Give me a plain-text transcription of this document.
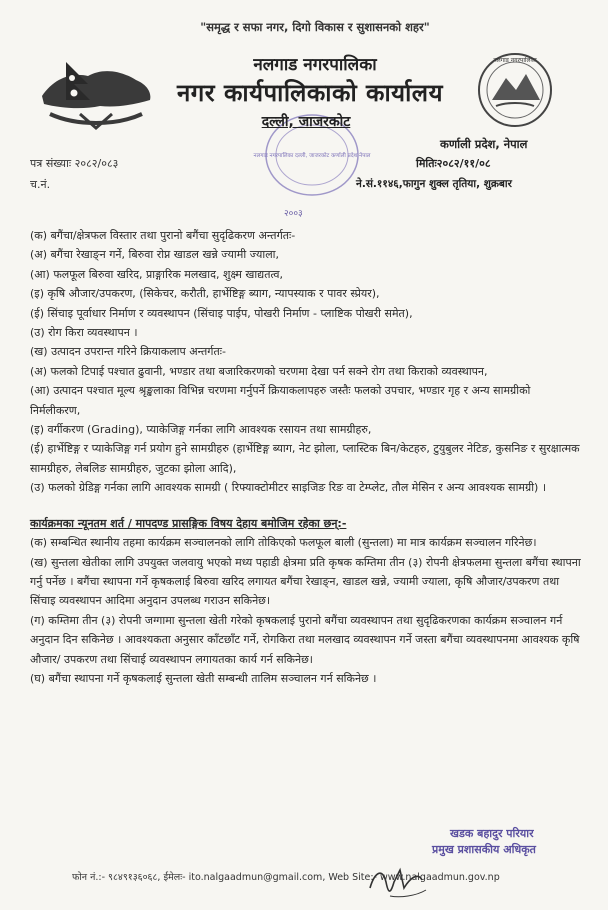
नलगाड नगरपालिका
नलगाड नगरपालिका दल्ली, जाजरकोट कर्णाली प्रदेश नेपाल
"समृद्ध र सफा नगर, दिगो विकास र सुशासनको शहर"
नलगाड नगरपालिका
नगर कार्यपालिकाको कार्यालय
दल्ली, जाजरकोट
कर्णाली प्रदेश, नेपाल
पत्र संख्याः २०८२/०८३
च.नं.
मितिः२०८२/११/०८
ने.सं.११४६,फागुन शुक्ल तृतिया, शुक्रबार
२००३

(क) बगैंचा/क्षेत्रफल विस्तार तथा पुरानो बगैंचा सुदृढिकरण अन्तर्गतः-

(अ) बगैंचा रेखाङ्न गर्ने, बिरुवा रोप्न खाडल खन्ने ज्यामी ज्याला,

(आ) फलफूल बिरुवा खरिद, प्राङ्गारिक मलखाद, शुक्ष्म खाद्यतत्व,

(इ) कृषि औजार/उपकरण, (सिकेचर, करौती, हार्भेष्टिङ्ग ब्याग, न्यापस्याक र पावर स्प्रेयर),

(ई) सिंचाइ पूर्वाधार निर्माण र व्यवस्थापन (सिंचाइ पाईप, पोखरी निर्माण - प्लाष्टिक पोखरी समेत),

(उ) रोग किरा व्यवस्थापन ।

(ख) उत्पादन उपरान्त गरिने क्रियाकलाप अन्तर्गतः-

(अ) फलको टिपाई पश्चात ढुवानी, भण्डार तथा बजारिकरणको चरणमा देखा पर्न सक्ने रोग तथा किराको व्यवस्थापन,

(आ) उत्पादन पश्चात मूल्य श्रृङ्खलाका विभिन्न चरणमा गर्नुपर्ने क्रियाकलापहरु जस्तैः फलको उपचार, भण्डार गृह र अन्य सामग्रीको निर्मलीकरण,

(इ) वर्गीकरण (Grading), प्याकेजिङ्ग गर्नका लागि आवश्यक रसायन तथा सामग्रीहरु,

(ई) हार्भेष्टिङ्ग र प्याकेजिङ्ग गर्न प्रयोग हुने सामग्रीहरु (हार्भेष्टिङ्ग ब्याग, नेट झोला, प्लास्टिक बिन/केटहरु, टुयुबुलर नेटिङ, कुसनिङ र सुरक्षात्मक सामग्रीहरु, लेबलिङ सामग्रीहरु, जुटका झोला आदि),

(उ) फलको ग्रेडिङ्ग गर्नका लागि आवश्यक सामग्री ( रिफ्याक्टोमीटर साइजिङ रिङ वा टेम्प्लेट, तौल मेसिन र अन्य आवश्यक सामग्री) ।

कार्यक्रमका न्यूनतम शर्त / मापदण्ड प्रासङ्गिक विषय देहाय बमोजिम रहेका छन्:-

(क) सम्बन्धित स्थानीय तहमा कार्यक्रम सञ्चालनको लागि तोकिएको फलफूल बाली (सुन्तला) मा मात्र कार्यक्रम सञ्चालन गरिनेछ।

(ख) सुन्तला खेतीका लागि उपयुक्त जलवायु भएको मध्य पहाडी क्षेत्रमा प्रति कृषक कम्तिमा तीन (३) रोपनी क्षेत्रफलमा सुन्तला बगैंचा स्थापना गर्नु पर्नेछ । बगैंचा स्थापना गर्ने कृषकलाई बिरुवा खरिद लगायत बगैंचा रेखाङ्न, खाडल खन्ने, ज्यामी ज्याला, कृषि औजार/उपकरण तथा सिंचाइ व्यवस्थापन आदिमा अनुदान उपलब्ध गराउन सकिनेछ।

(ग) कम्तिमा तीन (३) रोपनी जग्गामा सुन्तला खेती गरेको कृषकलाई पुरानो बगैंचा व्यवस्थापन तथा सुदृढिकरणका कार्यक्रम सञ्चालन गर्न अनुदान दिन सकिनेछ । आवश्यकता अनुसार काँटछाँट गर्ने, रोगकिरा तथा मलखाद व्यवस्थापन गर्ने जस्ता बगैंचा व्यवस्थापनमा आवश्यक कृषि औजार/ उपकरण तथा सिंचाई व्यवस्थापन लगायतका कार्य गर्न सकिनेछ।

(घ) बगैंचा स्थापना गर्ने कृषकलाई सुन्तला खेती सम्बन्धी तालिम सञ्चालन गर्न सकिनेछ ।

खडक बहादुर परियार
प्रमुख प्रशासकीय अधिकृत
फोन नं.:- ९८४९१३६०६८, ईमेलः- ito.nalgaadmun@gmail.com, Web Site:- www.nalgaadmun.gov.np
